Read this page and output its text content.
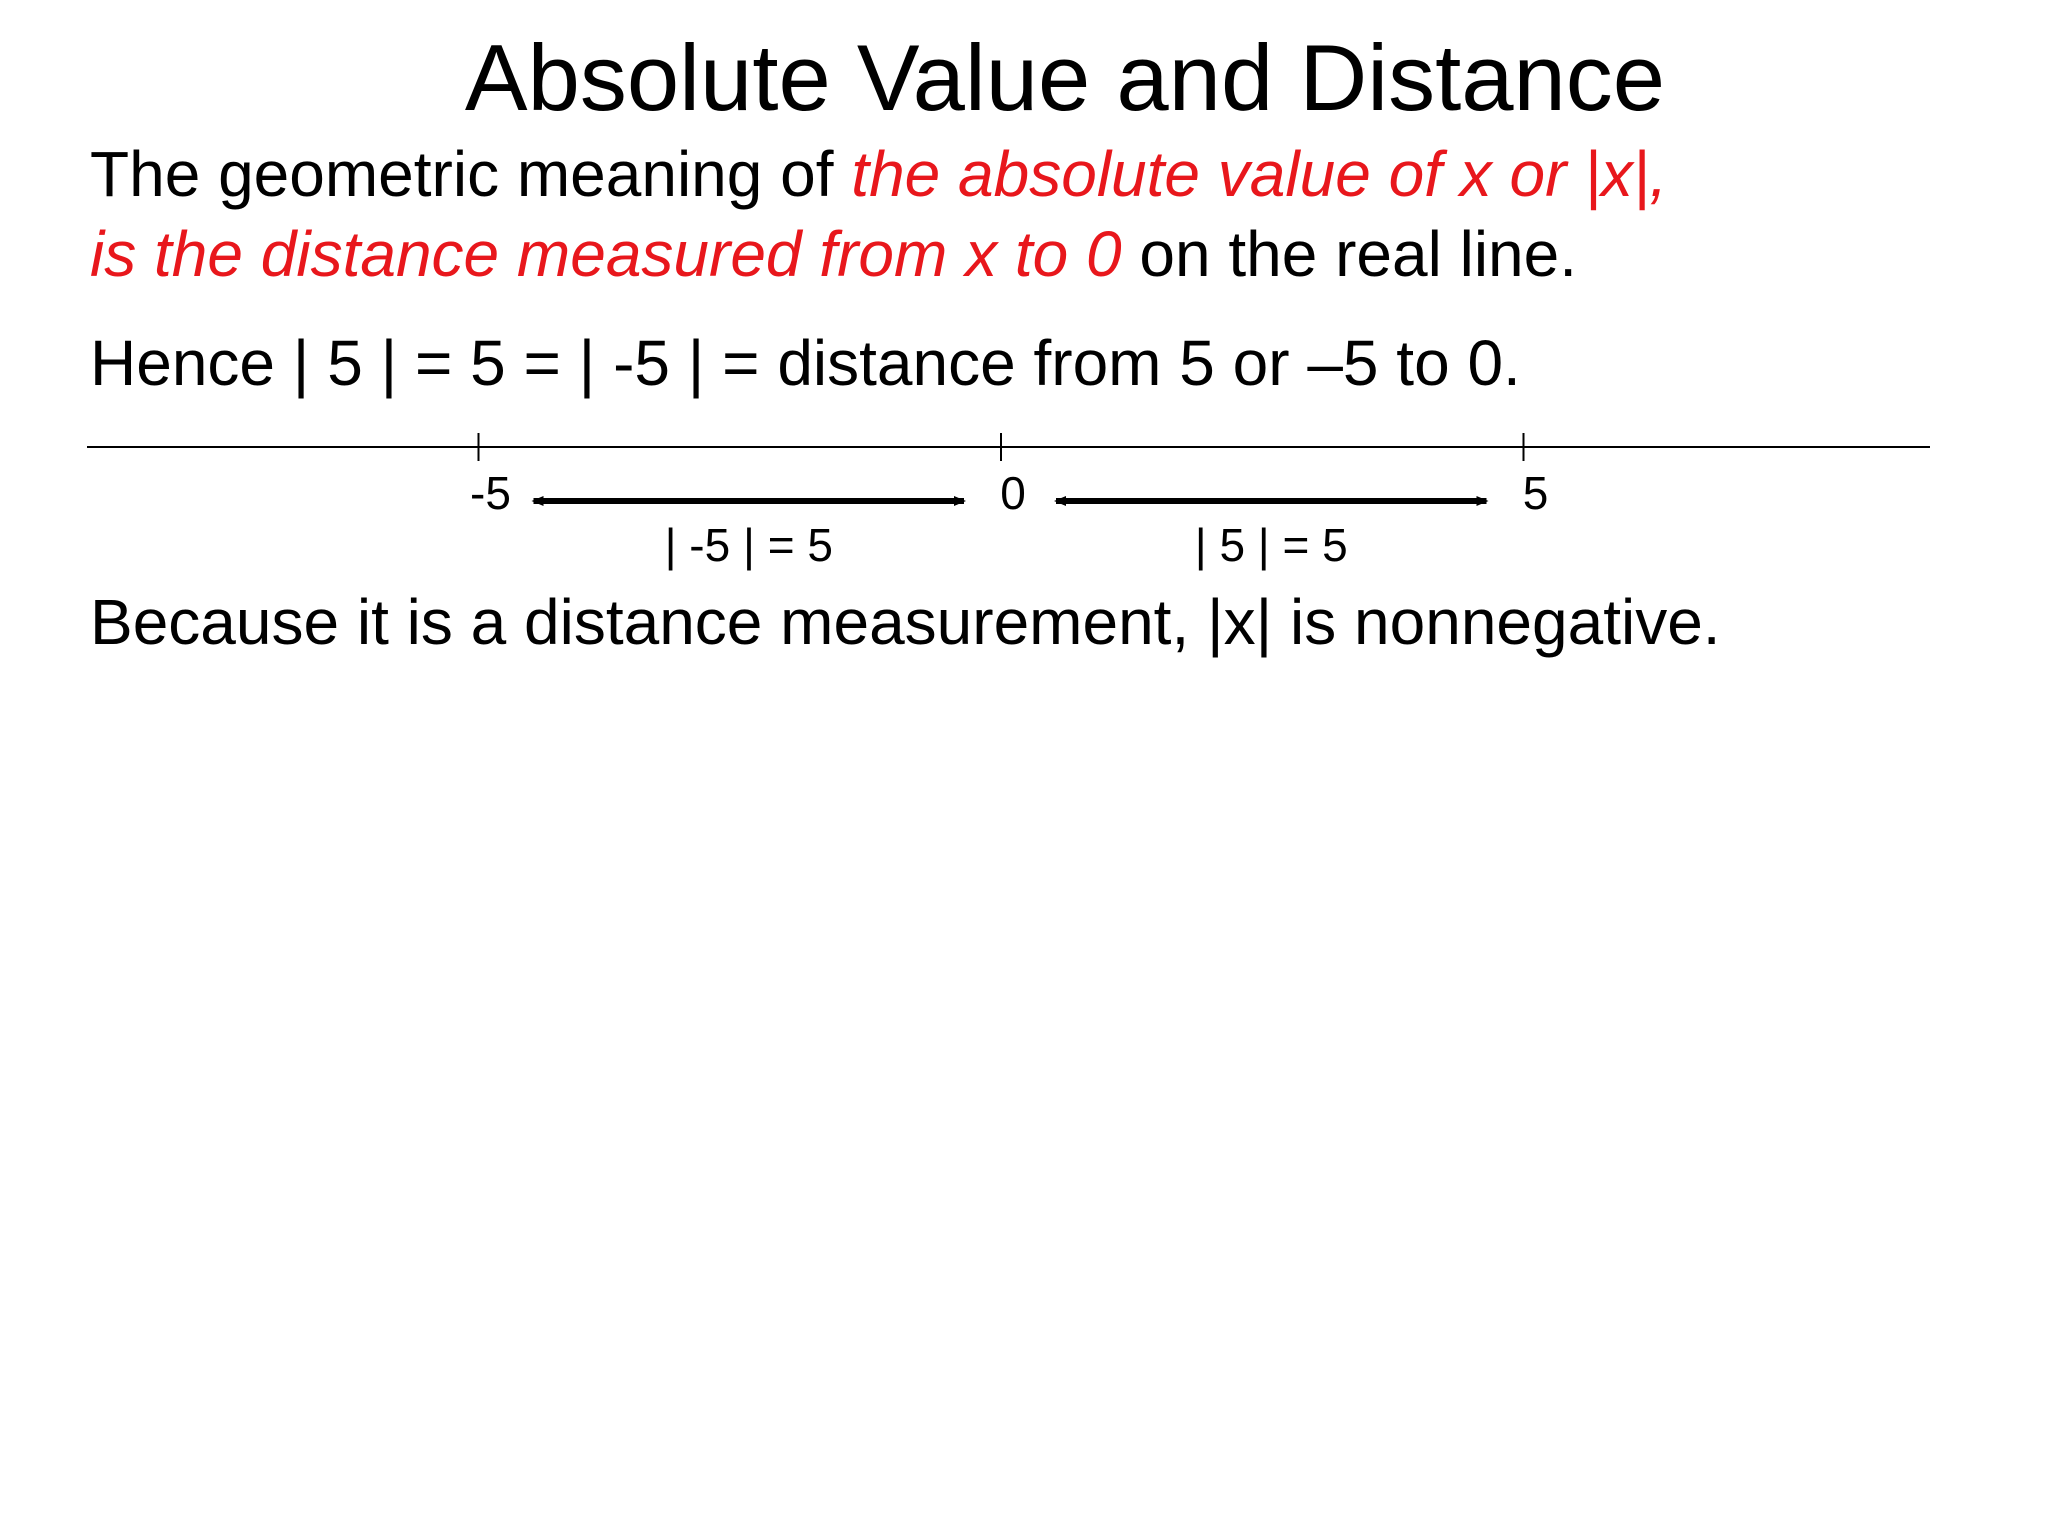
Absolute Value and Distance
The geometric meaning of the absolute value of x or |x|,
is the distance measured from x to 0 on the real line.
Hence | 5 | = 5 = | -5 | = distance from 5 or –5 to 0.
-5	0	5
| -5 | = 5	| 5 | = 5
Because it is a distance measurement, |x| is nonnegative.
